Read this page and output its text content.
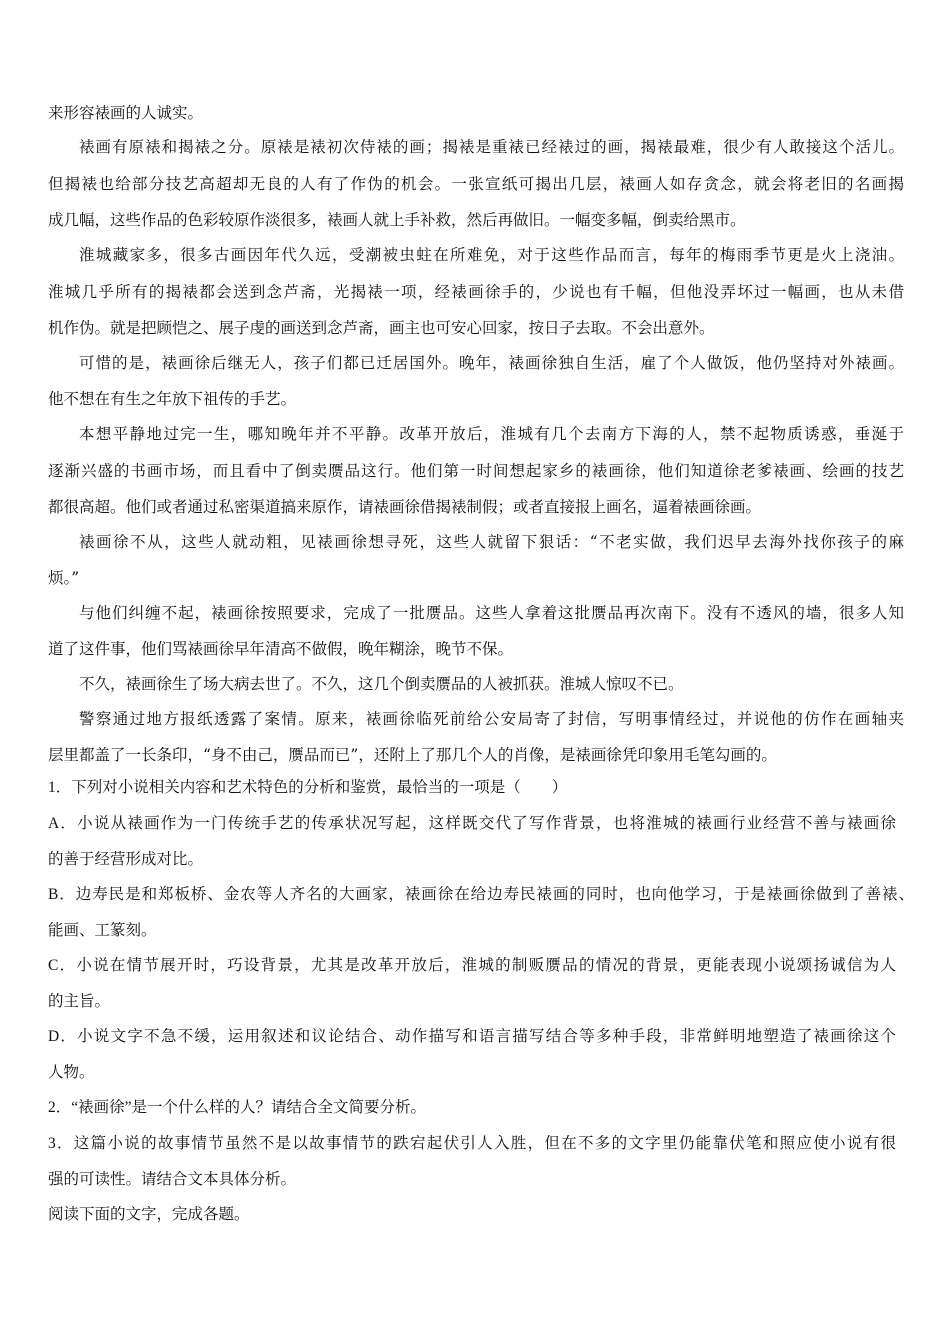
来形容裱画的人诚实。

裱画有原裱和揭裱之分。原裱是裱初次侍裱的画；揭裱是重裱已经裱过的画，揭裱最难，很少有人敢接这个活儿。

但揭裱也给部分技艺高超却无良的人有了作伪的机会。一张宣纸可揭出几层，裱画人如存贪念，就会将老旧的名画揭

成几幅，这些作品的色彩较原作淡很多，裱画人就上手补救，然后再做旧。一幅变多幅，倒卖给黑市。

淮城藏家多，很多古画因年代久远，受潮被虫蛀在所难免，对于这些作品而言，每年的梅雨季节更是火上浇油。

淮城几乎所有的揭裱都会送到念芦斋，光揭裱一项，经裱画徐手的，少说也有千幅，但他没弄坏过一幅画，也从未借

机作伪。就是把顾恺之、展子虔的画送到念芦斋，画主也可安心回家，按日子去取。不会出意外。

可惜的是，裱画徐后继无人，孩子们都已迁居国外。晚年，裱画徐独自生活，雇了个人做饭，他仍坚持对外裱画。

他不想在有生之年放下祖传的手艺。

本想平静地过完一生，哪知晚年并不平静。改革开放后，淮城有几个去南方下海的人，禁不起物质诱惑，垂涎于

逐渐兴盛的书画市场，而且看中了倒卖赝品这行。他们第一时间想起家乡的裱画徐，他们知道徐老爹裱画、绘画的技艺

都很高超。他们或者通过私密渠道搞来原作，请裱画徐借揭裱制假；或者直接报上画名，逼着裱画徐画。

裱画徐不从，这些人就动粗，见裱画徐想寻死，这些人就留下狠话：“不老实做，我们迟早去海外找你孩子的麻

烦。”

与他们纠缠不起，裱画徐按照要求，完成了一批赝品。这些人拿着这批赝品再次南下。没有不透风的墙，很多人知

道了这件事，他们骂裱画徐早年清高不做假，晚年糊涂，晚节不保。

不久，裱画徐生了场大病去世了。不久，这几个倒卖赝品的人被抓获。淮城人惊叹不已。

警察通过地方报纸透露了案情。原来，裱画徐临死前给公安局寄了封信，写明事情经过，并说他的仿作在画轴夹

层里都盖了一长条印，“身不由己，赝品而已”，还附上了那几个人的肖像，是裱画徐凭印象用毛笔勾画的。

1．下列对小说相关内容和艺术特色的分析和鉴赏，最恰当的一项是（　　）

A．小说从裱画作为一门传统手艺的传承状况写起，这样既交代了写作背景，也将淮城的裱画行业经营不善与裱画徐

的善于经营形成对比。

B．边寿民是和郑板桥、金农等人齐名的大画家，裱画徐在给边寿民裱画的同时，也向他学习，于是裱画徐做到了善裱、

能画、工篆刻。

C．小说在情节展开时，巧设背景，尤其是改革开放后，淮城的制贩赝品的情况的背景，更能表现小说颂扬诚信为人

的主旨。

D．小说文字不急不缓，运用叙述和议论结合、动作描写和语言描写结合等多种手段，非常鲜明地塑造了裱画徐这个

人物。

2．“裱画徐”是一个什么样的人？请结合全文简要分析。

3．这篇小说的故事情节虽然不是以故事情节的跌宕起伏引人入胜，但在不多的文字里仍能靠伏笔和照应使小说有很

强的可读性。请结合文本具体分析。

阅读下面的文字，完成各题。
